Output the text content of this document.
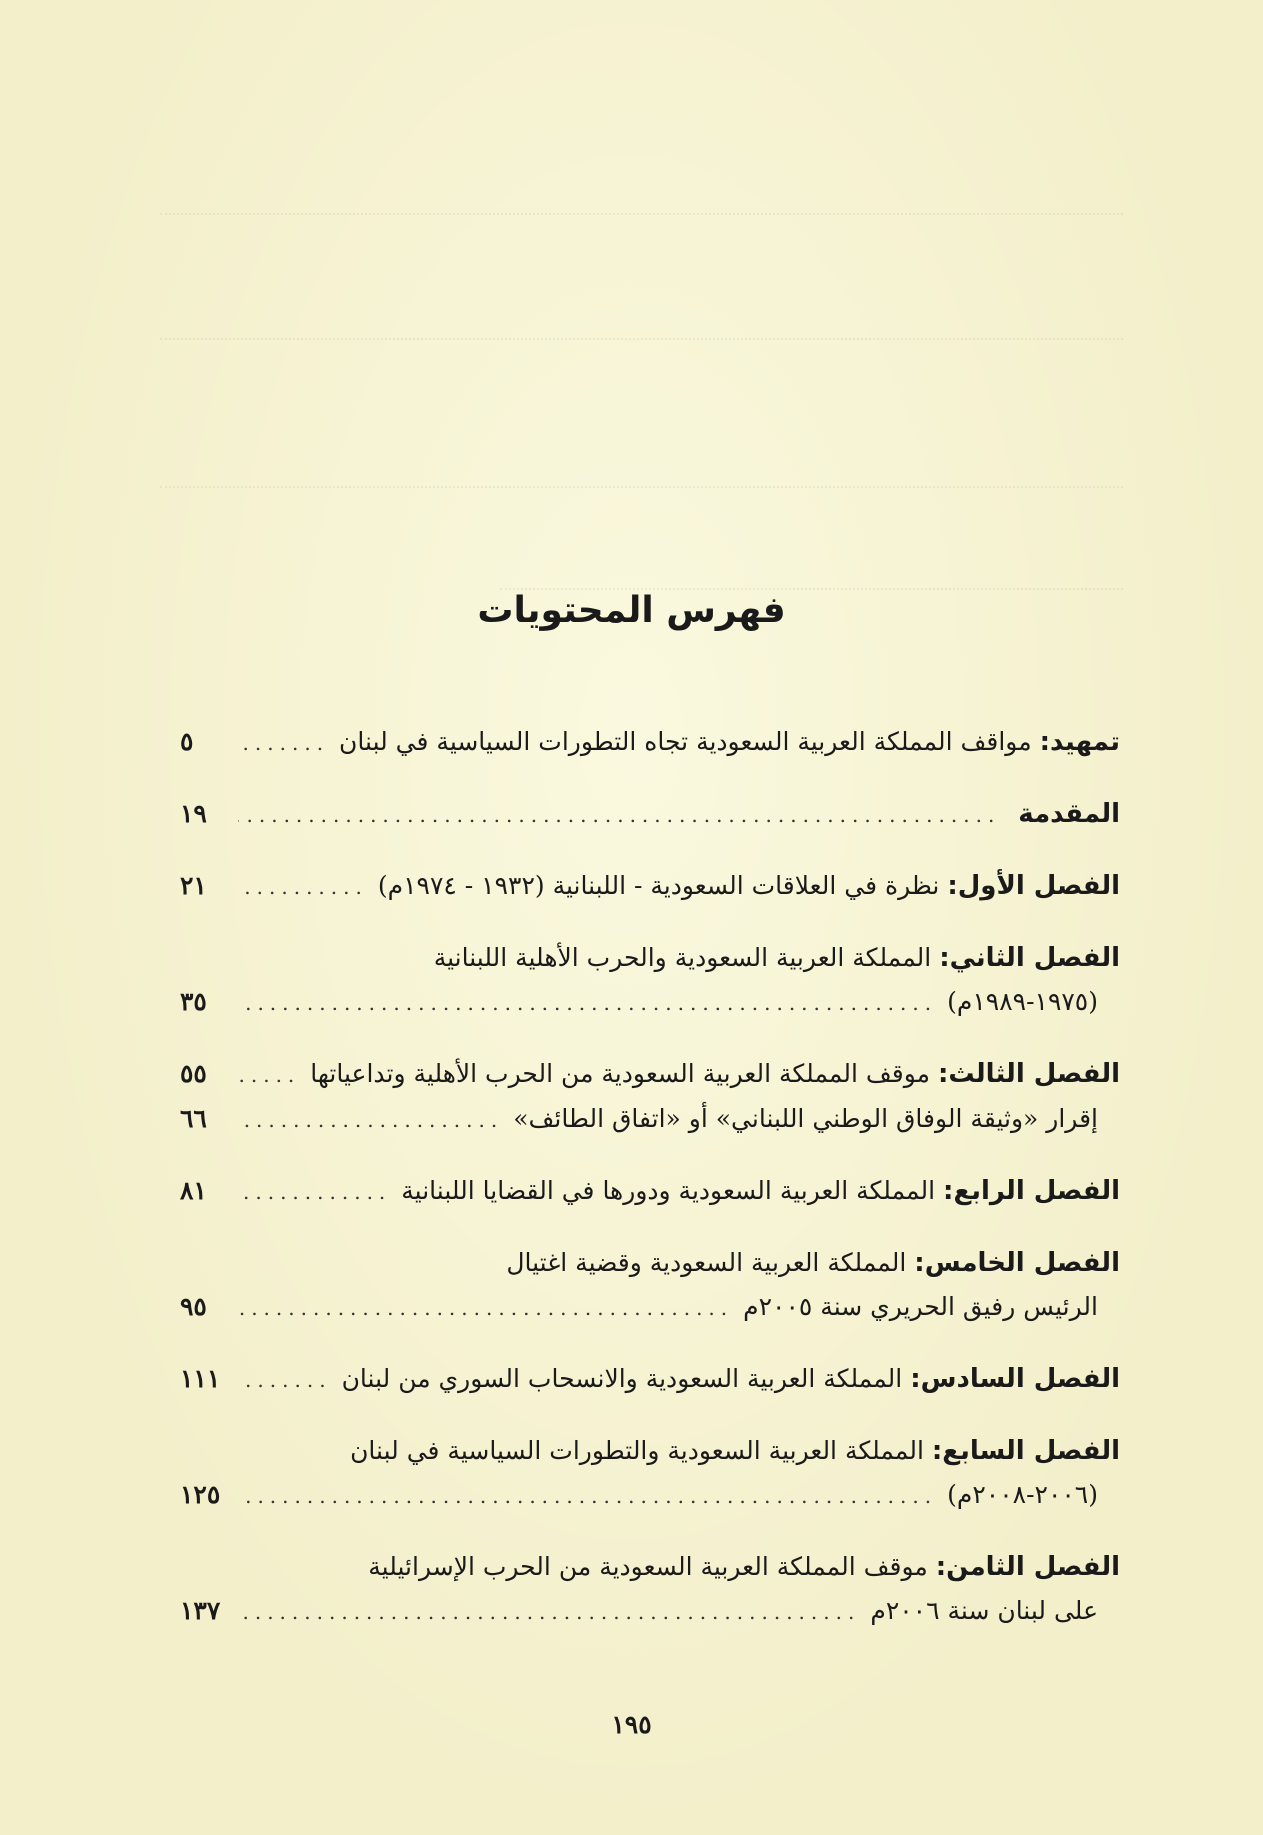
فهرس المحتويات
تمهيد:
مواقف المملكة العربية السعودية تجاه التطورات السياسية في لبنان
.....
٥
المقدمة
.....
١٩
الفصل الأول:
نظرة في العلاقات السعودية - اللبنانية (١٩٣٢ - ١٩٧٤م)
.....
٢١
الفصل الثاني:
المملكة العربية السعودية والحرب الأهلية اللبنانية
(١٩٧٥-١٩٨٩م)
.....
٣٥
الفصل الثالث:
موقف المملكة العربية السعودية من الحرب الأهلية وتداعياتها
.....
٥٥
إقرار «وثيقة الوفاق الوطني اللبناني» أو «اتفاق الطائف»
.....
٦٦
الفصل الرابع:
المملكة العربية السعودية ودورها في القضايا اللبنانية
.....
٨١
الفصل الخامس:
المملكة العربية السعودية وقضية اغتيال
الرئيس رفيق الحريري سنة ٢٠٠٥م
.....
٩٥
الفصل السادس:
المملكة العربية السعودية والانسحاب السوري من لبنان
.....
١١١
الفصل السابع:
المملكة العربية السعودية والتطورات السياسية في لبنان
(٢٠٠٦-٢٠٠٨م)
.....
١٢٥
الفصل الثامن:
موقف المملكة العربية السعودية من الحرب الإسرائيلية
على لبنان سنة ٢٠٠٦م
.....
١٣٧
١٩٥
